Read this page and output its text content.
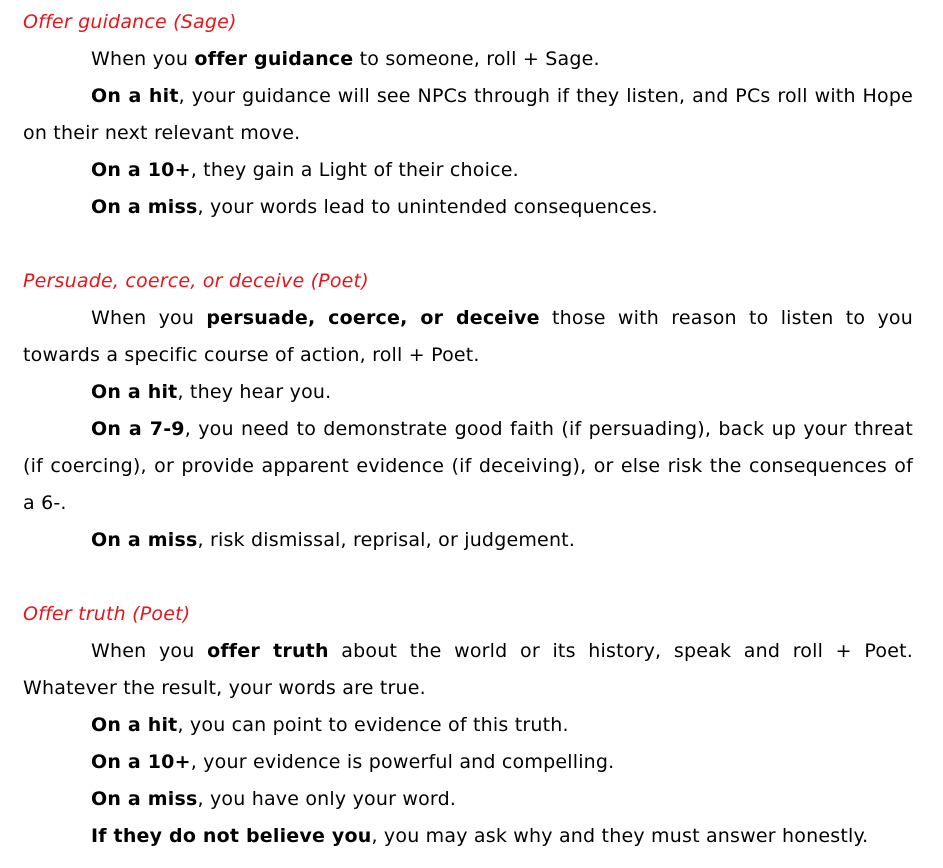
Offer guidance (Sage)

When you offer guidance to someone, roll + Sage.

On a hit, your guidance will see NPCs through if they listen, and PCs roll with Hope on their next relevant move.

On a 10+, they gain a Light of their choice.

On a miss, your words lead to unintended consequences.

Persuade, coerce, or deceive (Poet)

When you persuade, coerce, or deceive those with reason to listen to you towards a specific course of action, roll + Poet.

On a hit, they hear you.

On a 7-9, you need to demonstrate good faith (if persuading), back up your threat (if coercing), or provide apparent evidence (if deceiving), or else risk the consequences of a 6-.

On a miss, risk dismissal, reprisal, or judgement.

Offer truth (Poet)

When you offer truth about the world or its history, speak and roll + Poet. Whatever the result, your words are true.

On a hit, you can point to evidence of this truth.

On a 10+, your evidence is powerful and compelling.

On a miss, you have only your word.

If they do not believe you, you may ask why and they must answer honestly.
